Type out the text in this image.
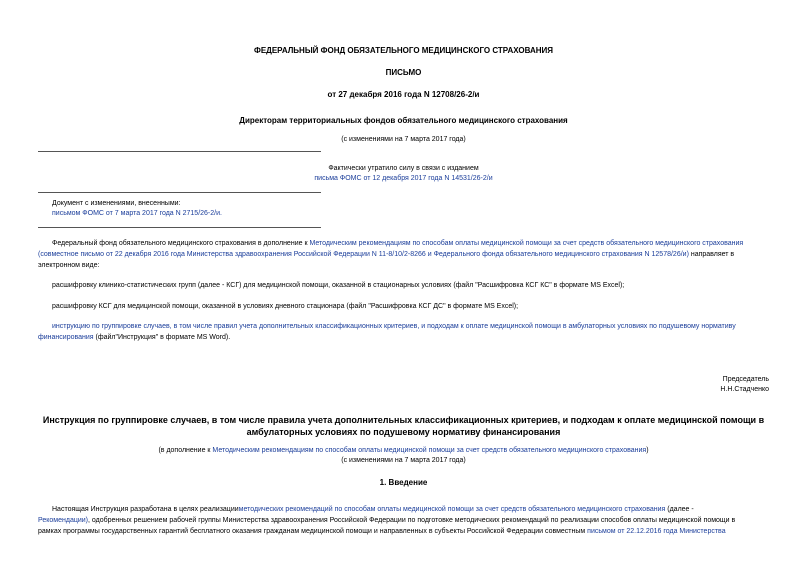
ФЕДЕРАЛЬНЫЙ ФОНД ОБЯЗАТЕЛЬНОГО МЕДИЦИНСКОГО СТРАХОВАНИЯ
ПИСЬМО
от 27 декабря 2016 года N 12708/26-2/и
Директорам территориальных фондов обязательного медицинского страхования
(с изменениями на 7 марта 2017 года)
Фактически утратило силу в связи с изданием
письма ФОМС от 12 декабря 2017 года N 14531/26-2/и
Документ с изменениями, внесенными:
письмом ФОМС от 7 марта 2017 года N 2715/26-2/и.
Федеральный фонд обязательного медицинского страхования в дополнение к Методическим рекомендациям по способам оплаты медицинской помощи за счет средств обязательного медицинского страхования
(совместное письмо от 22 декабря 2016 года Министерства здравоохранения Российской Федерации N 11-8/10/2-8266 и Федерального фонда обязательного медицинского страхования N 12578/26/и) направляет в
электронном виде:
расшифровку клинико-статистических групп (далее - КСГ) для медицинской помощи, оказанной в стационарных условиях (файл "Расшифровка КСГ КС" в формате MS Excel);
расшифровку КСГ для медицинской помощи, оказанной в условиях дневного стационара (файл "Расшифровка КСГ ДС" в формате MS Excel);
инструкцию по группировке случаев, в том числе правил учета дополнительных классификационных критериев, и подходам к оплате медицинской помощи в амбулаторных условиях по подушевому нормативу
финансирования (файл"Инструкция" в формате MS Word).
Председатель
Н.Н.Стадченко
Инструкция по группировке случаев, в том числе правила учета дополнительных классификационных критериев, и подходам к оплате медицинской помощи в
амбулаторных условиях по подушевому нормативу финансирования
(в дополнение к Методическим рекомендациям по способам оплаты медицинской помощи за счет средств обязательного медицинского страхования)
(с изменениями на 7 марта 2017 года)
1. Введение
Настоящая Инструкция разработана в целях реализацииметодических рекомендаций по способам оплаты медицинской помощи за счет средств обязательного медицинского страхования (далее -
Рекомендации), одобренных решением рабочей группы Министерства здравоохранения Российской Федерации по подготовке методических рекомендаций по реализации способов оплаты медицинской помощи в
рамках программы государственных гарантий бесплатного оказания гражданам медицинской помощи и направленных в субъекты Российской Федерации совместным письмом от 22.12.2016 года Министерства
